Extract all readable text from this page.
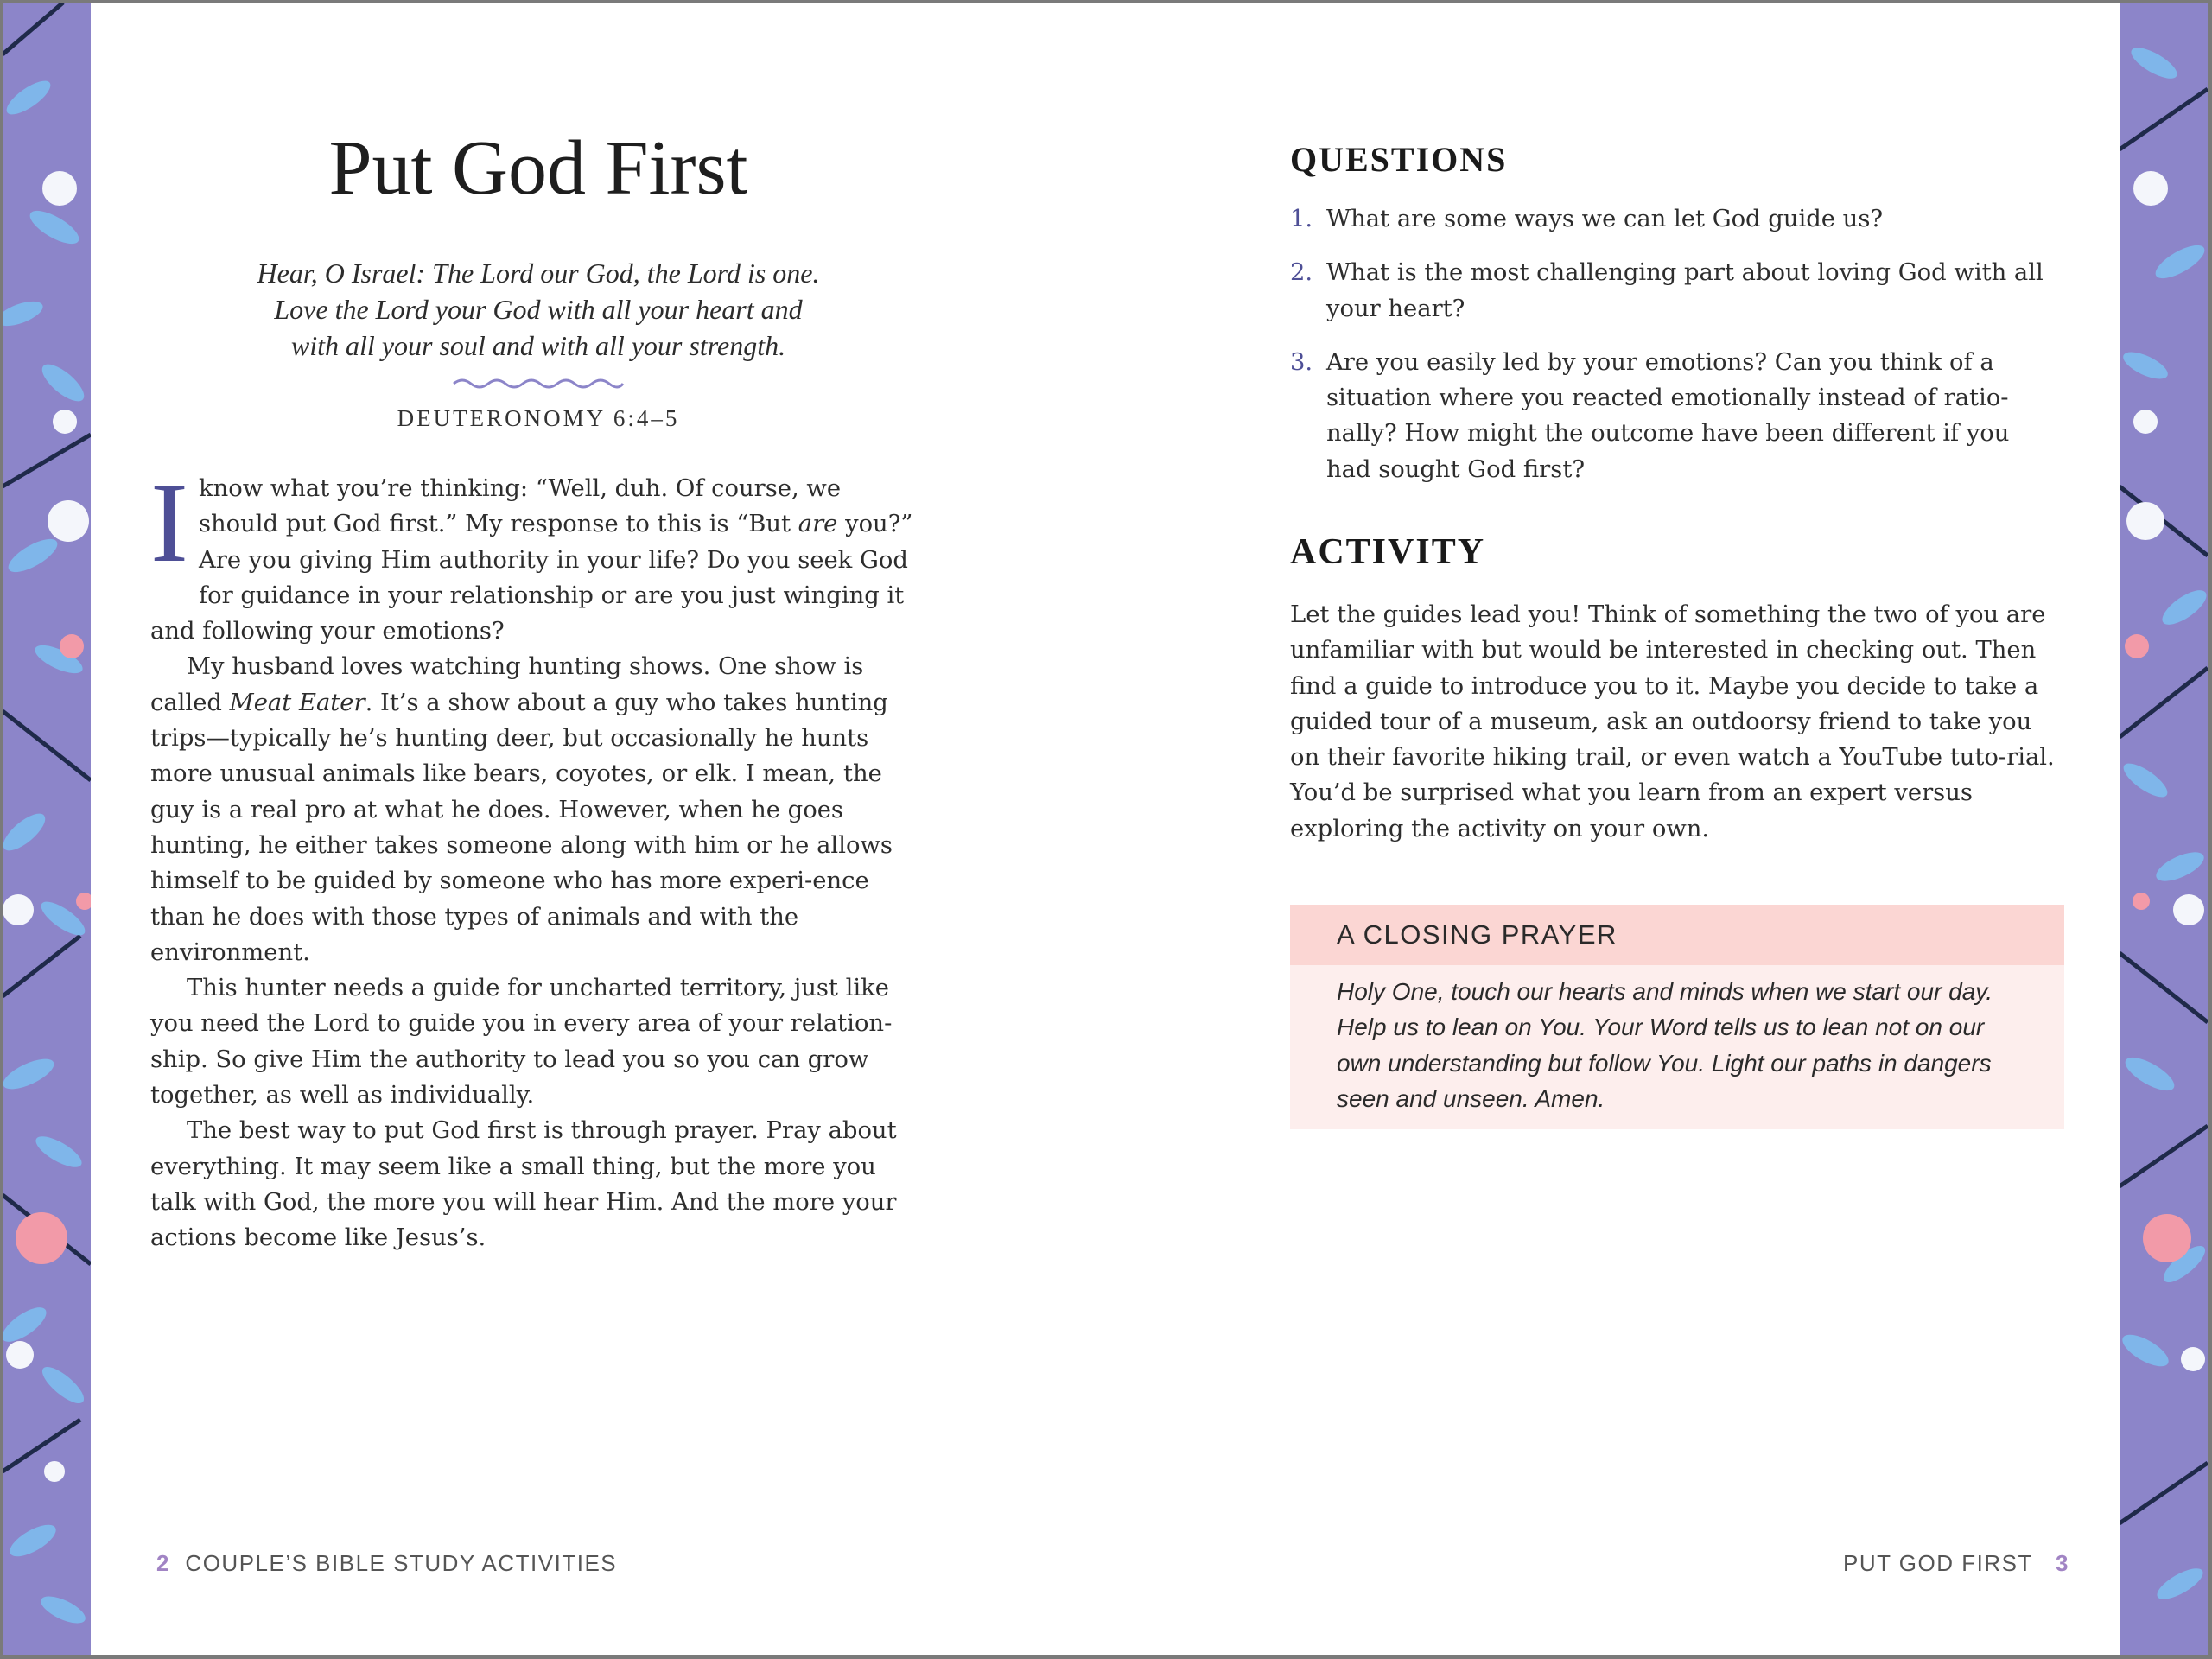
Put God First
Hear, O Israel: The Lord our God, the Lord is one.
Love the Lord your God with all your heart and
with all your soul and with all your strength.
DEUTERONOMY 6:4–5

Iknow what you’re thinking: “Well, duh. Of course, we should put God first.” My response to this is “But are you?” Are you giving Him authority in your life? Do you seek God for guidance in your relationship or are you just winging it and following your emotions?

My husband loves watching hunting shows. One show is called Meat Eater. It’s a show about a guy who takes hunting trips—typically he’s hunting deer, but occasionally he hunts more unusual animals like bears, coyotes, or elk. I mean, the guy is a real pro at what he does. However, when he goes hunting, he either takes someone along with him or he allows himself to be guided by someone who has more experi-ence than he does with those types of animals and with the environment.

This hunter needs a guide for uncharted territory, just like you need the Lord to guide you in every area of your relation-ship. So give Him the authority to lead you so you can grow together, as well as individually.

The best way to put God first is through prayer. Pray about everything. It may seem like a small thing, but the more you talk with God, the more you will hear Him. And the more your actions become like Jesus’s.

2 COUPLE’S BIBLE STUDY ACTIVITIES
QUESTIONS
1. What are some ways we can let God guide us?
2. What is the most challenging part about loving God with all your heart?
3. Are you easily led by your emotions? Can you think of a situation where you reacted emotionally instead of ratio-nally? How might the outcome have been different if you had sought God first?
ACTIVITY

Let the guides lead you! Think of something the two of you are unfamiliar with but would be interested in checking out. Then find a guide to introduce you to it. Maybe you decide to take a guided tour of a museum, ask an outdoorsy friend to take you on their favorite hiking trail, or even watch a YouTube tuto-rial. You’d be surprised what you learn from an expert versus exploring the activity on your own.

A CLOSING PRAYER

Holy One, touch our hearts and minds when we start our day. Help us to lean on You. Your Word tells us to lean not on our own understanding but follow You. Light our paths in dangers seen and unseen. Amen.

PUT GOD FIRST 3
